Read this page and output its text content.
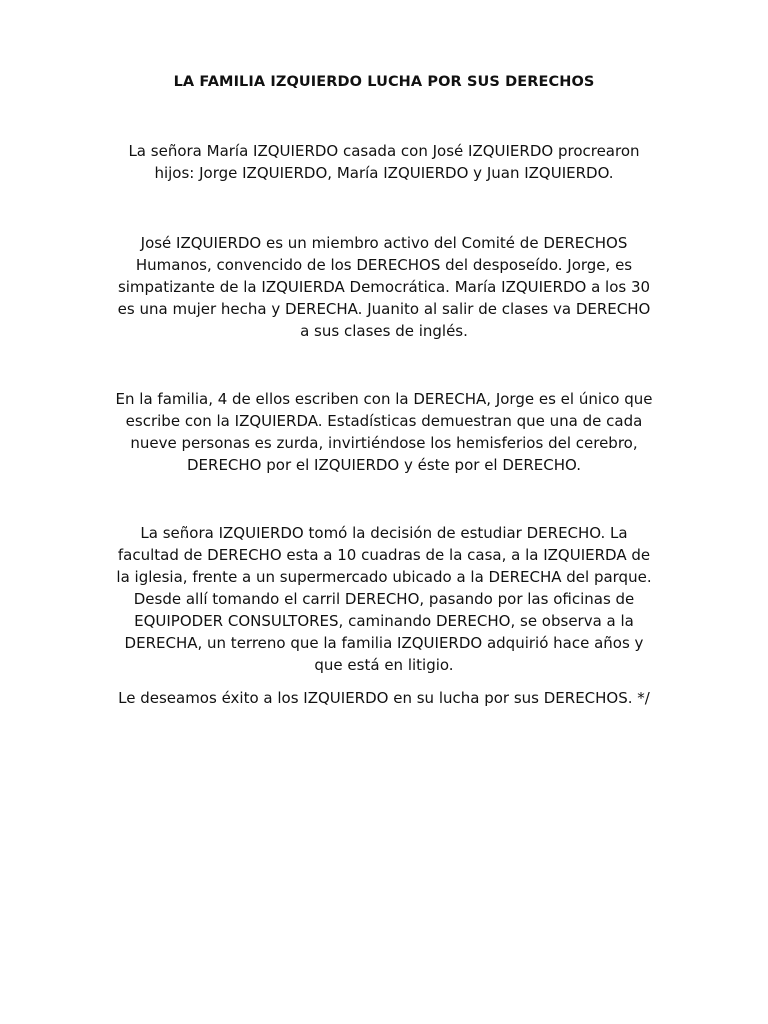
LA FAMILIA IZQUIERDO LUCHA POR SUS DERECHOS

La señora María IZQUIERDO casada con José IZQUIERDO procrearon
hijos: Jorge IZQUIERDO, María IZQUIERDO y Juan IZQUIERDO.

José IZQUIERDO es un miembro activo del Comité de DERECHOS
Humanos, convencido de los DERECHOS del desposeído. Jorge, es
simpatizante de la IZQUIERDA Democrática. María IZQUIERDO a los 30
es una mujer hecha y DERECHA. Juanito al salir de clases va DERECHO
a sus clases de inglés.

En la familia, 4 de ellos escriben con la DERECHA, Jorge es el único que
escribe con la IZQUIERDA. Estadísticas demuestran que una de cada
nueve personas es zurda, invirtiéndose los hemisferios del cerebro,
DERECHO por el IZQUIERDO y éste por el DERECHO.

La señora IZQUIERDO tomó la decisión de estudiar DERECHO. La
facultad de DERECHO esta a 10 cuadras de la casa, a la IZQUIERDA de
la iglesia, frente a un supermercado ubicado a la DERECHA del parque.
Desde allí tomando el carril DERECHO, pasando por las oficinas de
EQUIPODER CONSULTORES, caminando DERECHO, se observa a la
DERECHA, un terreno que la familia IZQUIERDO adquirió hace años y
que está en litigio.

Le deseamos éxito a los IZQUIERDO en su lucha por sus DERECHOS. */
